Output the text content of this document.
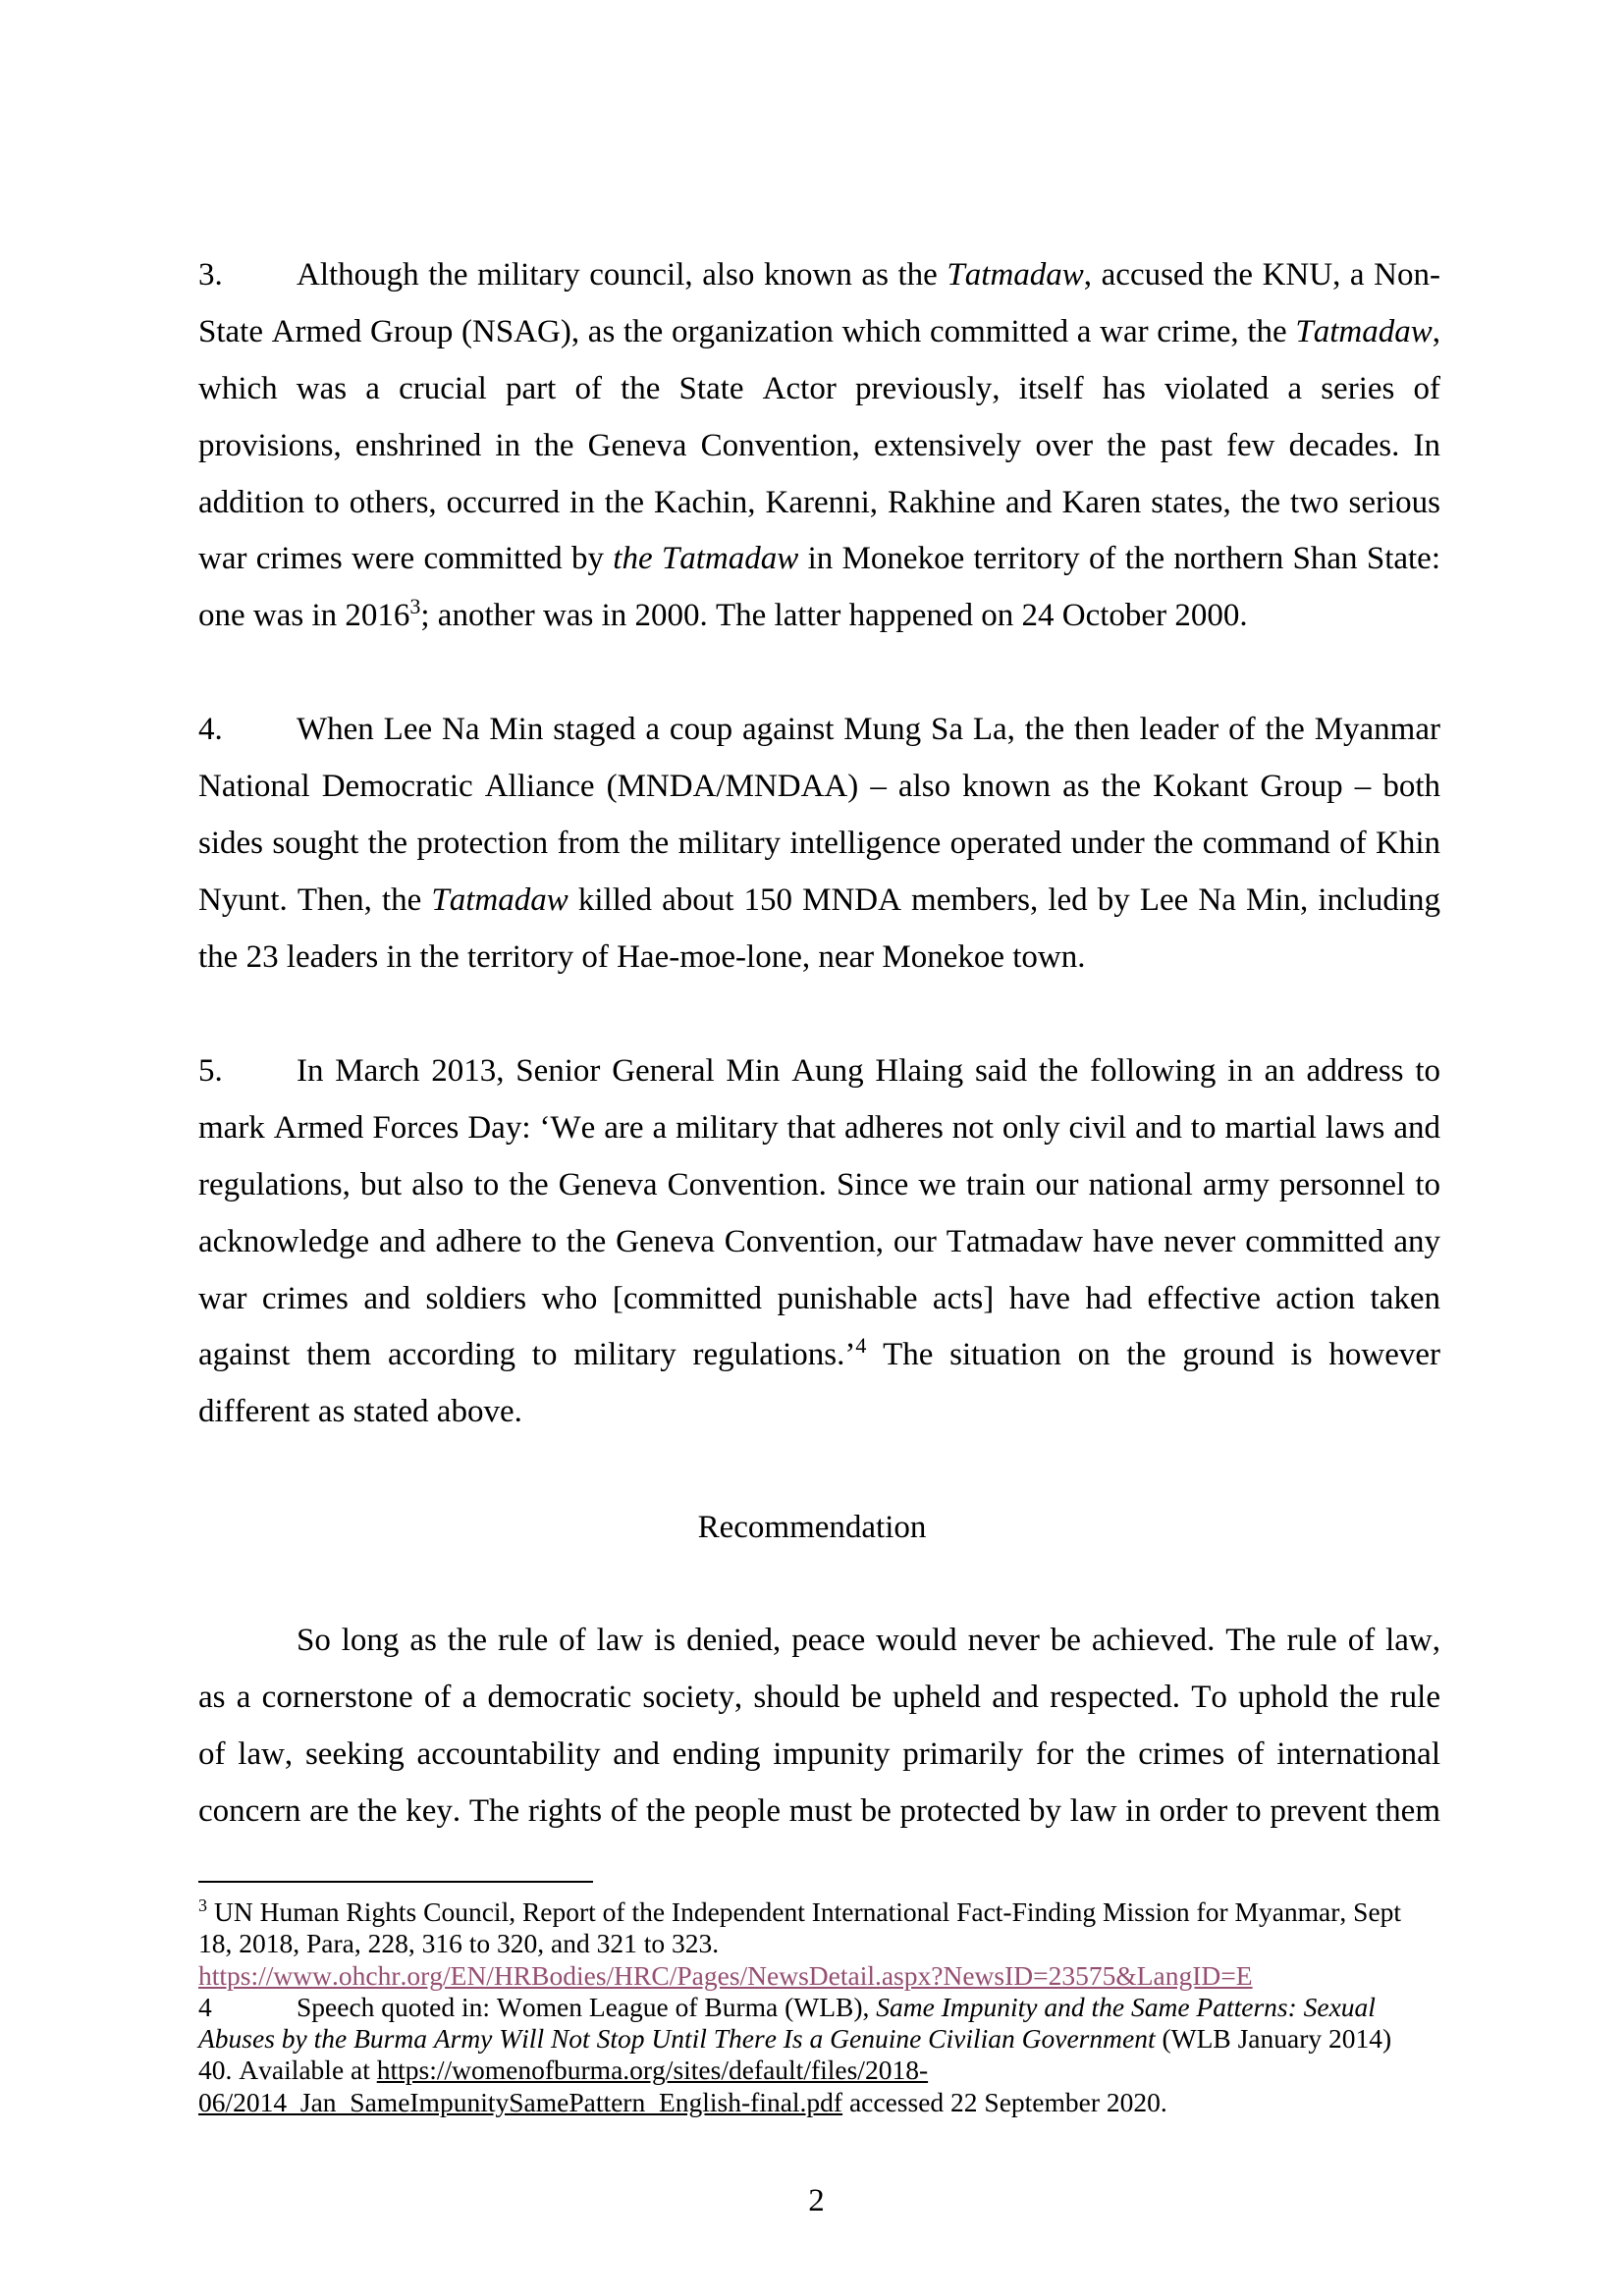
3. Although the military council, also known as the Tatmadaw, accused the KNU, a Non-
State Armed Group (NSAG), as the organization which committed a war crime, the Tatmadaw,
which was a crucial part of the State Actor previously, itself has violated a series of
provisions, enshrined in the Geneva Convention, extensively over the past few decades. In
addition to others, occurred in the Kachin, Karenni, Rakhine and Karen states, the two serious
war crimes were committed by the Tatmadaw in Monekoe territory of the northern Shan State:
one was in 2016$^3$; another was in 2000. The latter happened on 24 October 2000.
4. When Lee Na Min staged a coup against Mung Sa La, the then leader of the Myanmar
National Democratic Alliance (MNDA/MNDAA) – also known as the Kokant Group – both
sides sought the protection from the military intelligence operated under the command of Khin
Nyunt. Then, the Tatmadaw killed about 150 MNDA members, led by Lee Na Min, including
the 23 leaders in the territory of Hae-moe-lone, near Monekoe town.
5. In March 2013, Senior General Min Aung Hlaing said the following in an address to
mark Armed Forces Day: ‘We are a military that adheres not only civil and to martial laws and
regulations, but also to the Geneva Convention. Since we train our national army personnel to
acknowledge and adhere to the Geneva Convention, our Tatmadaw have never committed any
war crimes and soldiers who [committed punishable acts] have had effective action taken
against them according to military regulations.’$^4$ The situation on the ground is however
different as stated above.
Recommendation
So long as the rule of law is denied, peace would never be achieved. The rule of law,
as a cornerstone of a democratic society, should be upheld and respected. To uphold the rule
of law, seeking accountability and ending impunity primarily for the crimes of international
concern are the key. The rights of the people must be protected by law in order to prevent them
$^3$ UN Human Rights Council, Report of the Independent International Fact-Finding Mission for Myanmar, Sept
18, 2018, Para, 228, 316 to 320, and 321 to 323.
https://www.ohchr.org/EN/HRBodies/HRC/Pages/NewsDetail.aspx?NewsID=23575&LangID=E
4	Speech quoted in: Women League of Burma (WLB), Same Impunity and the Same Patterns: Sexual
Abuses by the Burma Army Will Not Stop Until There Is a Genuine Civilian Government (WLB January 2014)
40. Available at https://womenofburma.org/sites/default/files/2018-
06/2014_Jan_SameImpunitySamePattern_English-final.pdf accessed 22 September 2020.
2
